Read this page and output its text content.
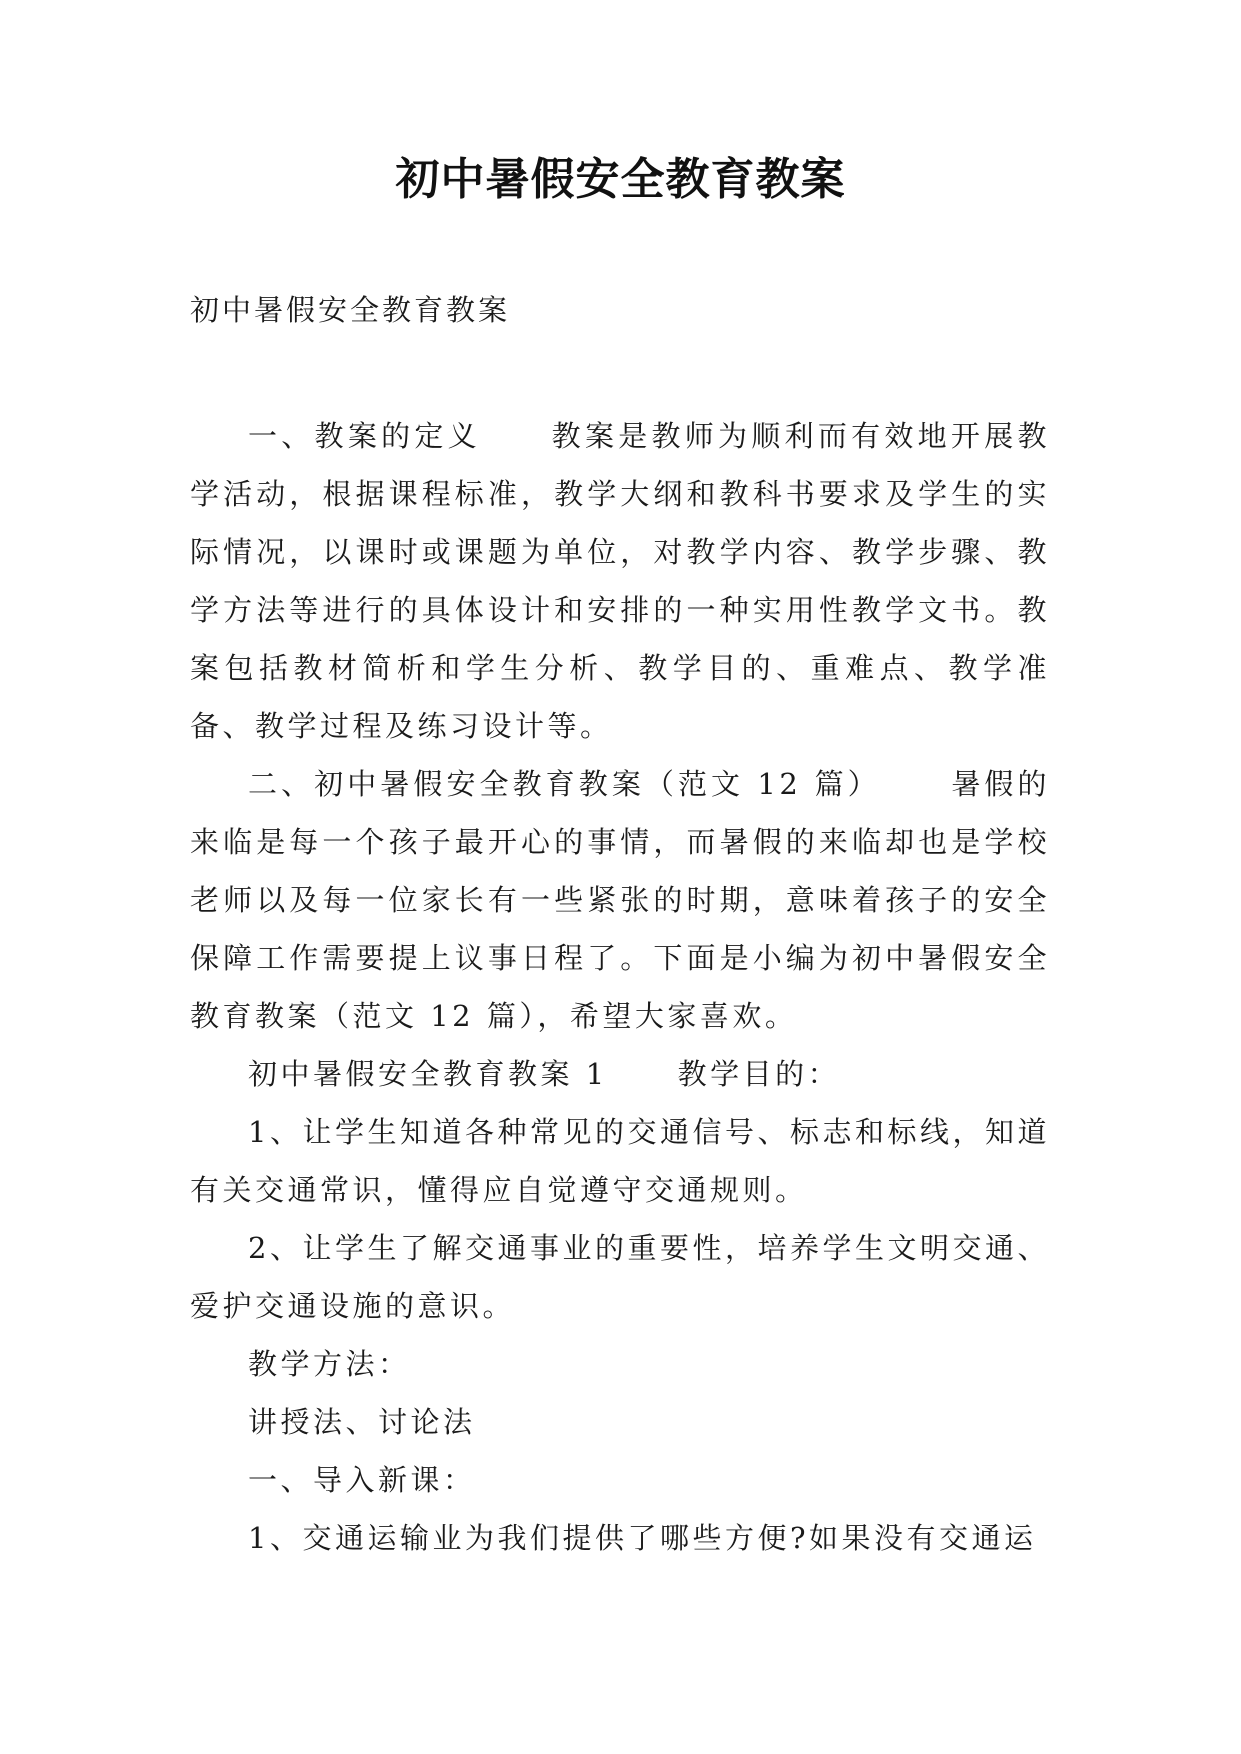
初中暑假安全教育教案

初中暑假安全教育教案

一、教案的定义 教案是教师为顺利而有效地开展教学活动，根据课程标准，教学大纲和教科书要求及学生的实际情况，以课时或课题为单位，对教学内容、教学步骤、教学方法等进行的具体设计和安排的一种实用性教学文书。教案包括教材简析和学生分析、教学目的、重难点、教学准备、教学过程及练习设计等。

二、初中暑假安全教育教案（范文 12 篇） 暑假的来临是每一个孩子最开心的事情，而暑假的来临却也是学校老师以及每一位家长有一些紧张的时期，意味着孩子的安全保障工作需要提上议事日程了。下面是小编为初中暑假安全教育教案（范文 12 篇），希望大家喜欢。

初中暑假安全教育教案 1 教学目的：

1、让学生知道各种常见的交通信号、标志和标线，知道有关交通常识，懂得应自觉遵守交通规则。

2、让学生了解交通事业的重要性，培养学生文明交通、爱护交通设施的意识。

教学方法：

讲授法、讨论法

一、导入新课：

1、交通运输业为我们提供了哪些方便?如果没有交通运
